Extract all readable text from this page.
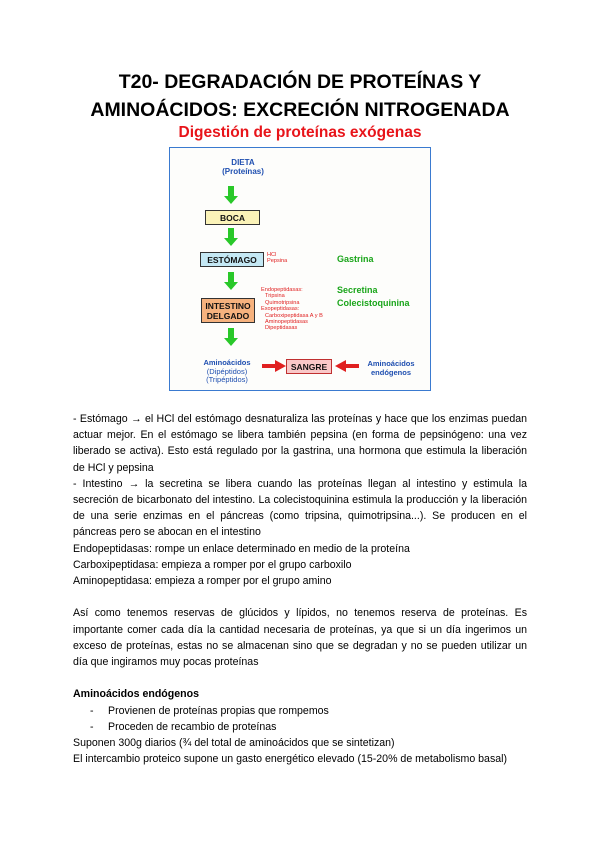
T20- DEGRADACIÓN DE PROTEÍNAS Y
AMINOÁCIDOS: EXCRECIÓN NITROGENADA
Digestión de proteínas exógenas
DIETA
(Proteínas)
BOCA
ESTÓMAGO	HCl
Pepsina	Gastrina
INTESTINO DELGADO
Endopeptidasas:
Tripsina
Quimotripsina
Exopeptidasas:
Carboxipeptidasa A y B
Aminopeptidasas
Dipeptidasas
Secretina
Colecistoquinina
Aminoácidos
(Dipéptidos)
(Tripéptidos)
SANGRE	Aminoácidos
endógenos

- Estómago → el HCl del estómago desnaturaliza las proteínas y hace que los enzimas puedan actuar mejor. En el estómago se libera también pepsina (en forma de pepsinógeno: una vez liberado se activa). Esto está regulado por la gastrina, una hormona que estimula la liberación de HCl y pepsina

- Intestino → la secretina se libera cuando las proteínas llegan al intestino y estimula la secreción de bicarbonato del intestino. La colecistoquinina estimula la producción y la liberación de una serie enzimas en el páncreas (como tripsina, quimotripsina...). Se producen en el páncreas pero se abocan en el intestino

Endopeptidasas: rompe un enlace determinado en medio de la proteína

Carboxipeptidasa: empieza a romper por el grupo carboxilo

Aminopeptidasa: empieza a romper por el grupo amino

Así como tenemos reservas de glúcidos y lípidos, no tenemos reserva de proteínas. Es importante comer cada día la cantidad necesaria de proteínas, ya que si un día ingerimos un exceso de proteínas, estas no se almacenan sino que se degradan y no se pueden utilizar un día que ingiramos muy pocas proteínas

Aminoácidos endógenos

- Provienen de proteínas propias que rompemos
- Proceden de recambio de proteínas

Suponen 300g diarios (¾ del total de aminoácidos que se sintetizan)

El intercambio proteico supone un gasto energético elevado (15-20% de metabolismo basal)
